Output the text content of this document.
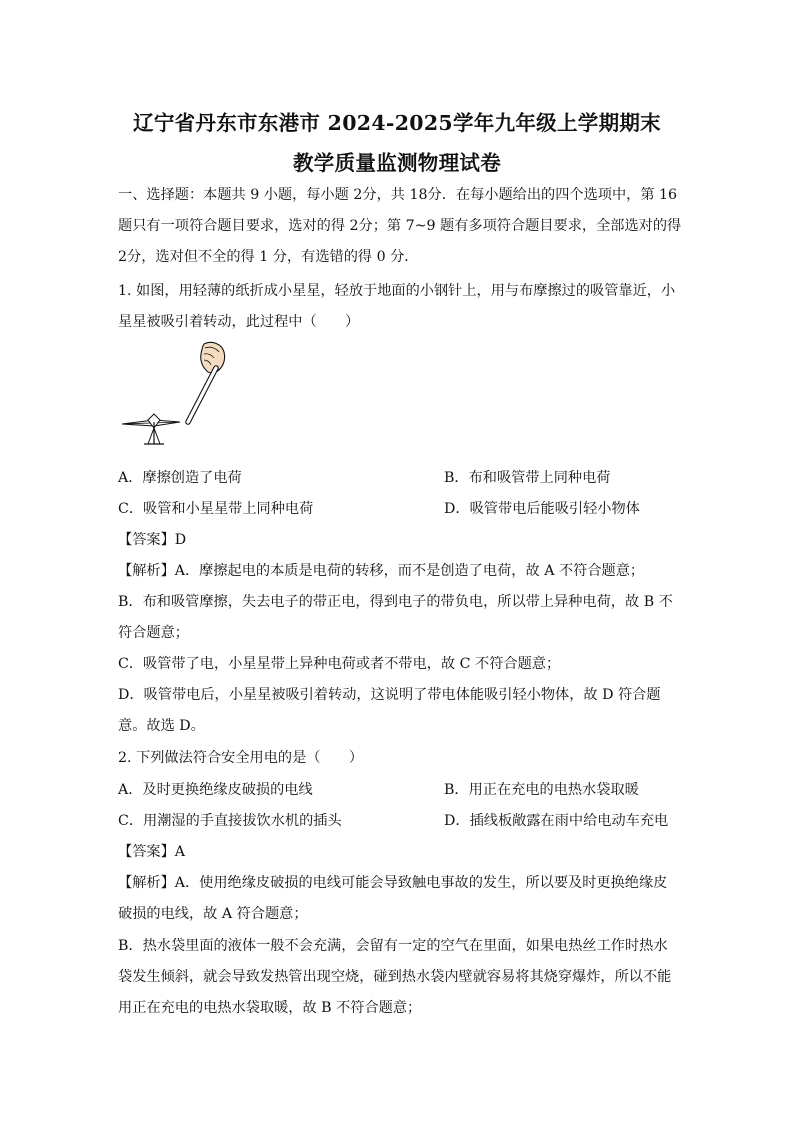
辽宁省丹东市东港市 2024-2025学年九年级上学期期末
教学质量监测物理试卷
一、选择题：本题共 9 小题，每小题 2分，共 18分．在每小题给出的四个选项中，第 16
题只有一项符合题目要求，选对的得 2分；第 7~9 题有多项符合题目要求，全部选对的得
2分，选对但不全的得 1 分，有选错的得 0 分．
1. 如图，用轻薄的纸折成小星星，轻放于地面的小钢针上，用与布摩擦过的吸管靠近，小
星星被吸引着转动，此过程中（　　）
A．摩擦创造了电荷	B．布和吸管带上同种电荷
C．吸管和小星星带上同种电荷	D．吸管带电后能吸引轻小物体
【答案】D
【解析】A．摩擦起电的本质是电荷的转移，而不是创造了电荷，故 A 不符合题意；
B．布和吸管摩擦，失去电子的带正电，得到电子的带负电，所以带上异种电荷，故 B 不
符合题意；
C．吸管带了电，小星星带上异种电荷或者不带电，故 C 不符合题意；
D．吸管带电后，小星星被吸引着转动，这说明了带电体能吸引轻小物体，故 D 符合题
意。故选 D。
2. 下列做法符合安全用电的是（　　）
A．及时更换绝缘皮破损的电线	B．用正在充电的电热水袋取暖
C．用潮湿的手直接拔饮水机的插头	D．插线板敞露在雨中给电动车充电
【答案】A
【解析】A．使用绝缘皮破损的电线可能会导致触电事故的发生，所以要及时更换绝缘皮
破损的电线，故 A 符合题意；
B．热水袋里面的液体一般不会充满，会留有一定的空气在里面，如果电热丝工作时热水
袋发生倾斜，就会导致发热管出现空烧，碰到热水袋内壁就容易将其烧穿爆炸，所以不能
用正在充电的电热水袋取暖，故 B 不符合题意；
